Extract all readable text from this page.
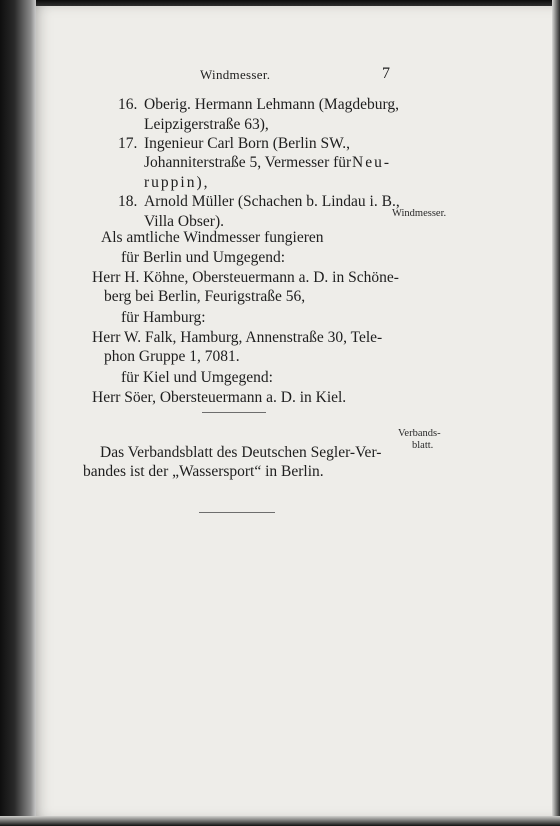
Windmesser.	7

16. Oberig. Hermann Lehmann (Magdeburg,

Leipzigerstraße 63),

17. Ingenieur Carl Born (Berlin SW.,

Johanniterstraße 5, Vermesser für Neu-

ruppin),

18. Arnold Müller (Schachen b. Lindau i. B.,

Villa Obser).	Windmesser.

Als amtliche Windmesser fungieren

für Berlin und Umgegend:

Herr H. Köhne, Obersteuermann a. D. in Schöne-

berg bei Berlin, Feurigstraße 56,

für Hamburg:

Herr W. Falk, Hamburg, Annenstraße 30, Tele-

phon Gruppe 1, 7081.

für Kiel und Umgegend:

Herr Söer, Obersteuermann a. D. in Kiel.

Verbands-

blatt.

Das Verbandsblatt des Deutschen Segler-Ver-

bandes ist der „Wassersport“ in Berlin.
